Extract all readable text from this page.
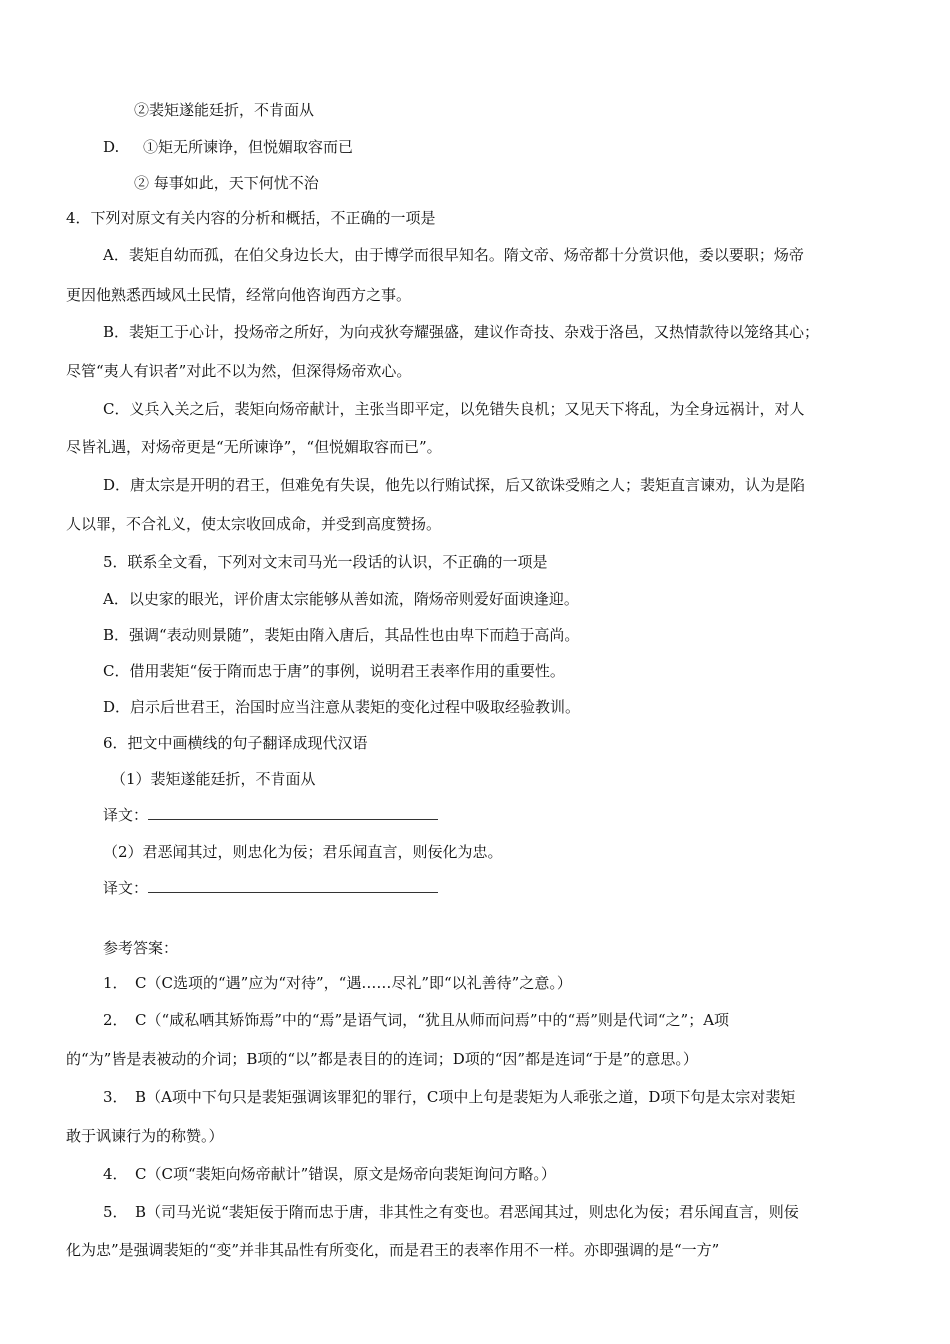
②裴矩遂能廷折，不肯面从
D. ①矩无所谏诤，但悦媚取容而已
② 每事如此，天下何忧不治
4．下列对原文有关内容的分析和概括，不正确的一项是
A．裴矩自幼而孤，在伯父身边长大，由于博学而很早知名。隋文帝、炀帝都十分赏识他，委以要职；炀帝
更因他熟悉西域风土民情，经常向他咨询西方之事。
B．裴矩工于心计，投炀帝之所好，为向戎狄夸耀强盛，建议作奇技、杂戏于洛邑，又热情款待以笼络其心；
尽管“夷人有识者”对此不以为然，但深得炀帝欢心。
C．义兵入关之后，裴矩向炀帝献计，主张当即平定，以免错失良机；又见天下将乱，为全身远祸计，对人
尽皆礼遇，对炀帝更是“无所谏诤”，“但悦媚取容而已”。
D．唐太宗是开明的君王，但难免有失误，他先以行贿试探，后又欲诛受贿之人；裴矩直言谏劝，认为是陷
人以罪，不合礼义，使太宗收回成命，并受到高度赞扬。
5．联系全文看，下列对文末司马光一段话的认识，不正确的一项是
A．以史家的眼光，评价唐太宗能够从善如流，隋炀帝则爱好面谀逢迎。
B．强调“表动则景随”，裴矩由隋入唐后，其品性也由卑下而趋于高尚。
C．借用裴矩“佞于隋而忠于唐”的事例，说明君王表率作用的重要性。
D．启示后世君王，治国时应当注意从裴矩的变化过程中吸取经验教训。
6．把文中画横线的句子翻译成现代汉语
（1）裴矩遂能廷折，不肯面从
译文：
（2）君恶闻其过，则忠化为佞；君乐闻直言，则佞化为忠。
译文：
参考答案：
1．　C（C选项的“遇”应为“对待”，“遇……尽礼”即“以礼善待”之意。）
2．　C（“咸私哂其矫饰焉”中的“焉”是语气词，“犹且从师而问焉”中的“焉”则是代词“之”；A项
的“为”皆是表被动的介词；B项的“以”都是表目的的连词；D项的“因”都是连词“于是”的意思。）
3．　B（A项中下句只是裴矩强调该罪犯的罪行，C项中上句是裴矩为人乖张之道，D项下句是太宗对裴矩
敢于讽谏行为的称赞。）
4．　C（C项“裴矩向炀帝献计”错误，原文是炀帝向裴矩询问方略。）
5．　B（司马光说“裴矩佞于隋而忠于唐，非其性之有变也。君恶闻其过，则忠化为佞；君乐闻直言，则佞
化为忠”是强调裴矩的“变”并非其品性有所变化，而是君王的表率作用不一样。亦即强调的是“一方”
